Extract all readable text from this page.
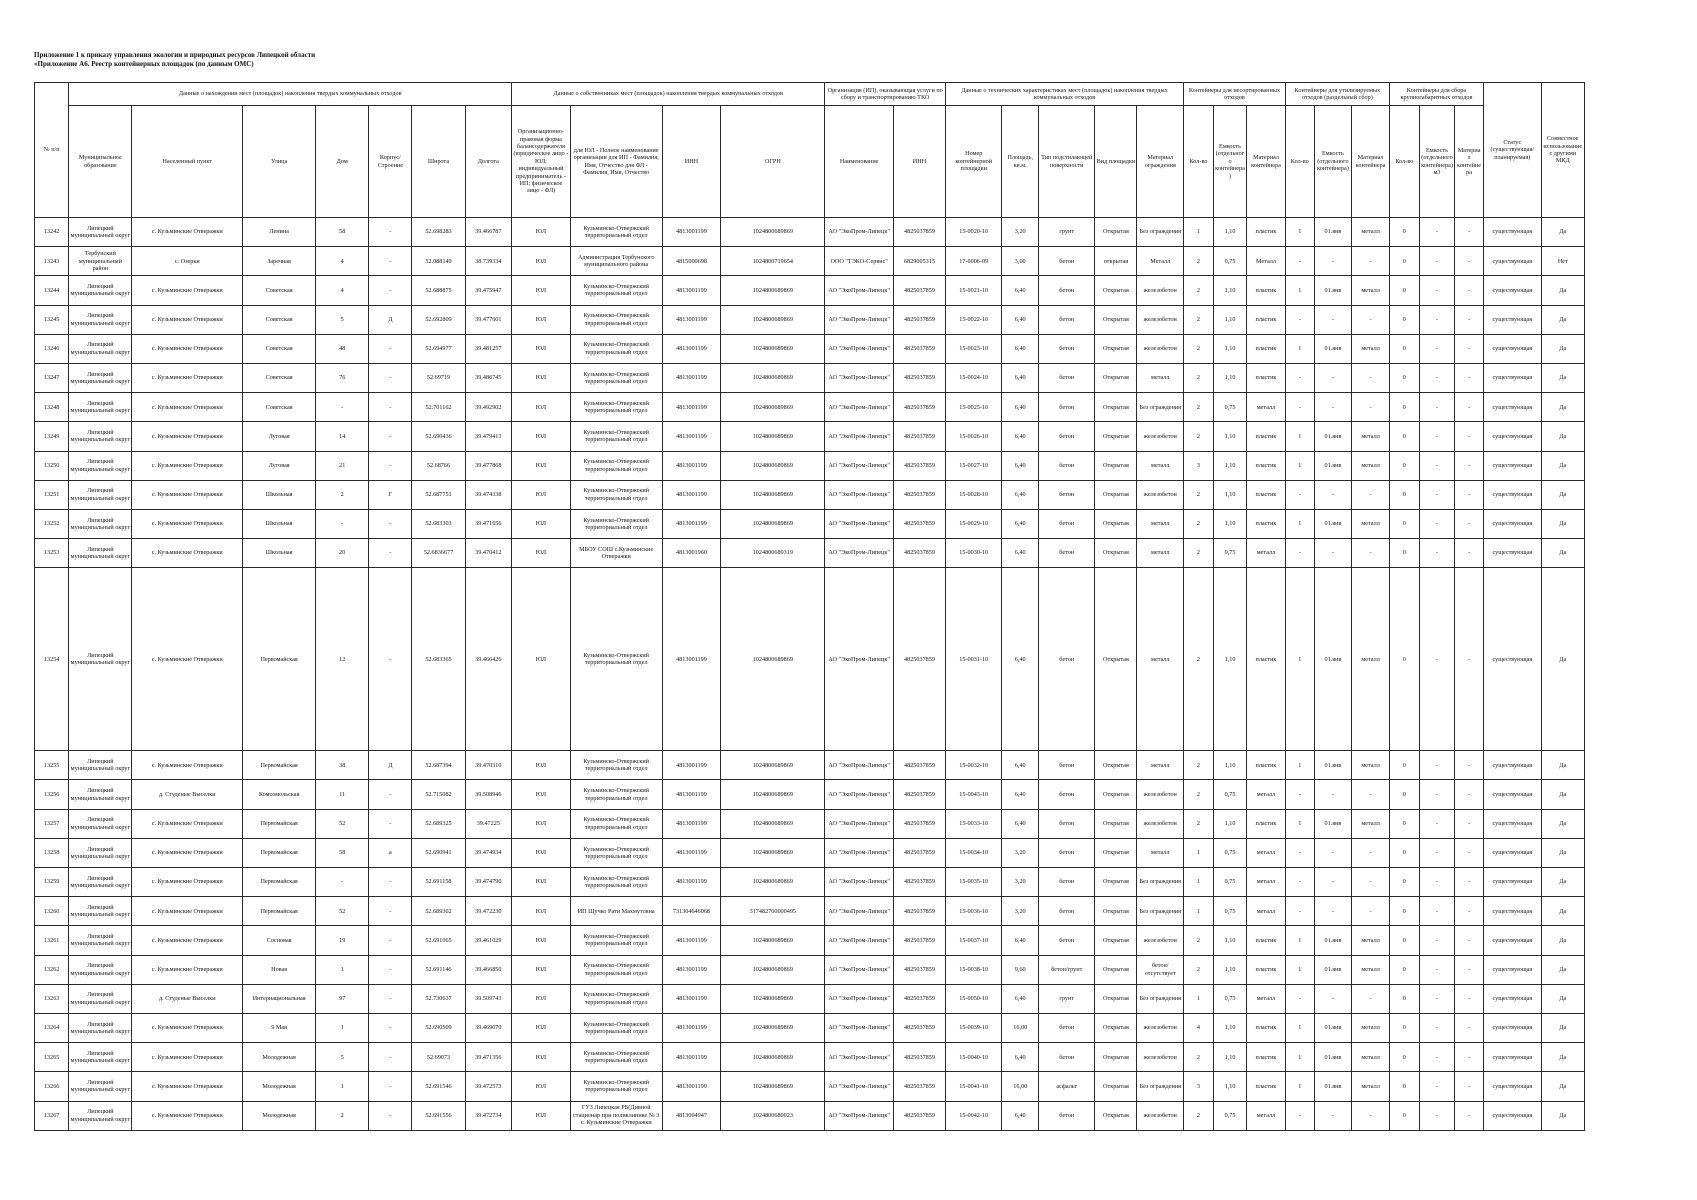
Приложение 1 к приказу управления экологии и природных ресурсов Липецкой области
«Приложение А6. Реестр контейнерных площадок (по данным ОМС)
№ п/п	Данные о нахождении мест (площадок) накопления твердых коммунальных отходов							Данные о собственниках мест (площадок) накопления твердых коммунальных отходов				Организация (ИП), оказывающая услуги по сбору и транспортированию ТКО		Данные о технических характеристиках мест (площадок) накопления твердых коммунальных отходов					Контейнеры для несортированных отходов			Контейнеры для утилизируемых отходов (раздельный сбор)			Контейнеры для сбора крупногабаритных отходов			Статус (существующая/ планируемая)	Совместное использование с другими МКД
	Муниципальное образование	Населенный пункт	Улица	Дом	Корпус/Строение	Широта	Долгота	Организационно-правовая форма балансодержателя (юридическое лицо - ЮЛ; индивидуальный предприниматель - ИП; физическое лицо - ФЛ)	для ЮЛ - Полное наименование организации для ИП - Фамилия, Имя, Отчество для ФЛ - Фамилия, Имя, Отчество	ИНН	ОГРН	Наименование	ИНН	Номер контейнерной площадки	Площадь, кв.м.	Тип подстилающей поверхности	Вид площадки	Материал ограждения	Кол-во	Емкость (отдельного контейнера)	Материал контейнера	Кол-во	Емкость (отдельного контейнера)	Материал контейнера	Кол-во	Емкость (отдельного контейнера) м3	Материал контейнера		
13242	Липецкий муниципальный округ	с. Кузьминские Отверажки	Ленина	58	-	52.698283	39.466787	ЮЛ	Кузьминско-Отвержский территориальный отдел	4813001199	1024800689869	АО "ЭкоПром-Липецк"	4825037859	15-0020-10	3,20	грунт	Открытая	Без ограждения	1	1,10	пластик	1	01.янв	металл	0	-	-	существующая	Да
13243	Тербунский муниципальный район	с. Озерки	Заречная	4	-	52.088149	38.739334	ЮЛ	Администрация Тербунского муниципального района	4815000698	1024800719654	ООО "ТЭКО-Сервис"	6829005315	17-0006-09	3,00	бетон	открытая	Металл	2	0,75	Металл	-	-	-	0	-	-	существующая	Нет
13244	Липецкий муниципальный округ	с. Кузьминские Отверажки	Советская	4	-	52.688875	39.475947	ЮЛ	Кузьминско-Отвержский территориальный отдел	4813001199	1024800689869	АО "ЭкоПром-Липецк"	4825037859	15-0021-10	6,40	бетон	Открытая	железобетон	2	1,10	пластик	1	01.янв	металл	0	-	-	существующая	Да
13245	Липецкий муниципальный округ	с. Кузьминские Отверажки	Советская	5	Д	52.692809	39.477601	ЮЛ	Кузьминско-Отвержский территориальный отдел	4813001199	1024800689869	АО "ЭкоПром-Липецк"	4825037859	15-0022-10	6,40	бетон	Открытая	железобетон	2	1,10	пластик	-	-	-	0	-	-	существующая	Да
13246	Липецкий муниципальный округ	с. Кузьминские Отверажки	Советская	48	-	52.694977	39.481257	ЮЛ	Кузьминско-Отвержский территориальный отдел	4813001199	1024800689869	АО "ЭкоПром-Липецк"	4825037859	15-0023-10	6,40	бетон	Открытая	железобетон	2	1,10	пластик	1	01.янв	металл	0	-	-	существующая	Да
13247	Липецкий муниципальный округ	с. Кузьминские Отверажки	Советская	76	-	52.69719	39.486745	ЮЛ	Кузьминско-Отвержский территориальный отдел	4813001199	1024800689869	АО "ЭкоПром-Липецк"	4825037859	15-0024-10	6,40	бетон	Открытая	металл	2	1,10	пластик	-	-	-	0	-	-	существующая	Да
13248	Липецкий муниципальный округ	с. Кузьминские Отверажки	Советская	-	-	52.701162	39.492902	ЮЛ	Кузьминско-Отвержский территориальный отдел	4813001199	1024800689869	АО "ЭкоПром-Липецк"	4825037859	15-0025-10	6,40	бетон	Открытая	Без ограждения	2	0,75	металл	-	-	-	0	-	-	существующая	Да
13249	Липецкий муниципальный округ	с. Кузьминские Отверажки	Луговая	14	-	52.690436	39.479413	ЮЛ	Кузьминско-Отвержский территориальный отдел	4813001199	1024800689869	АО "ЭкоПром-Липецк"	4825037859	15-0026-10	6,40	бетон	Открытая	железобетон	2	1,10	пластик	1	01.янв	металл	0	-	-	существующая	Да
13250	Липецкий муниципальный округ	с. Кузьминские Отверажки	Луговая	21	-	52.68766	39.477868	ЮЛ	Кузьминско-Отвержский территориальный отдел	4813001199	1024800689869	АО "ЭкоПром-Липецк"	4825037859	15-0027-10	6,40	бетон	Открытая	металл	3	1,10	пластик	1	01.янв	металл	0	-	-	существующая	Да
13251	Липецкий муниципальный округ	с. Кузьминские Отверажки	Школьная	2	Г	52.687751	39.474338	ЮЛ	Кузьминско-Отвержский территориальный отдел	4813001199	1024800689869	АО "ЭкоПром-Липецк"	4825037859	15-0028-10	6,40	бетон	Открытая	железобетон	2	1,10	пластик	-	-	-	0	-	-	существующая	Да
13252	Липецкий муниципальный округ	с. Кузьминские Отверажки	Школьная	-	-	52.683303	39.471656	ЮЛ	Кузьминско-Отвержский территориальный отдел	4813001199	1024800689869	АО "ЭкоПром-Липецк"	4825037859	15-0029-10	6,40	бетон	Открытая	металл	2	1,10	пластик	1	01.янв	металл	0	-	-	существующая	Да
13253	Липецкий муниципальный округ	с. Кузьминские Отверажки	Школьная	20	-	52.6836677	39.470412	ЮЛ	МБОУ СОШ с.Кузьминские Отверажки	4813001960	1024800689319	АО "ЭкоПром-Липецк"	4825037859	15-0030-10	6,40	бетон	Открытая	металл	2	0,75	металл	-	-	-	0	-	-	существующая	Да
13254	Липецкий муниципальный округ	с. Кузьминские Отверажки	Первомайская	12	-	52.683365	39.466426	ЮЛ	Кузьминско-Отвержский территориальный отдел	4813001199	1024800689869	АО "ЭкоПром-Липецк"	4825037859	15-0031-10	6,40	бетон	Открытая	металл	2	1,10	пластик	1	01.янв	металл	0	-	-	существующая	Да
13255	Липецкий муниципальный округ	с. Кузьминские Отверажки	Первомайская	38	Д	52.687394	39.470310	ЮЛ	Кузьминско-Отвержский территориальный отдел	4813001199	1024800689869	АО "ЭкоПром-Липецк"	4825037859	15-0032-10	6,40	бетон	Открытая	металл	2	1,10	пластик	1	01.янв	металл	0	-	-	существующая	Да
13256	Липецкий муниципальный округ	д. Студеные Выселки	Комсомольская	11	-	52.715082	39.508946	ЮЛ	Кузьминско-Отвержский территориальный отдел	4813001199	1024800689869	АО "ЭкоПром-Липецк"	4825037859	15-0043-10	6,40	бетон	Открытая	железобетон	2	0,75	металл	-	-	-	0	-	-	существующая	Да
13257	Липецкий муниципальный округ	с. Кузьминские Отверажки	Первомайская	52	-	52.689325	39.47225	ЮЛ	Кузьминско-Отвержский территориальный отдел	4813001199	1024800689869	АО "ЭкоПром-Липецк"	4825037859	15-0033-10	6,40	бетон	Открытая	железобетон	2	1,10	пластик	1	01.янв	металл	0	-	-	существующая	Да
13258	Липецкий муниципальный округ	с. Кузьминские Отверажки	Первомайская	58	а	52.690941	39.474934	ЮЛ	Кузьминско-Отвержский территориальный отдел	4813001199	1024800689869	АО "ЭкоПром-Липецк"	4825037859	15-0034-10	3,20	бетон	Открытая	металл	1	0,75	металл	-	-	-	0	-	-	существующая	Да
13259	Липецкий муниципальный округ	с. Кузьминские Отверажки	Первомайская	-	-	52.691158	39.474790	ЮЛ	Кузьминско-Отвержский территориальный отдел	4813001199	1024800689869	АО "ЭкоПром-Липецк"	4825037859	15-0035-10	3,20	бетон	Открытая	Без ограждения	1	0,75	металл	-	-	-	0	-	-	существующая	Да
13260	Липецкий муниципальный округ	с. Кузьминские Отверажки	Первомайская	52	-	52.689302	39.472230	ЮЛ	ИП Щучко Рати Махмутовна	731304646068	317482700000495	АО "ЭкоПром-Липецк"	4825037859	15-0036-10	3,20	бетон	Открытая	Без ограждения	1	0,75	металл	-	-	-	0	-	-	существующая	Да
13261	Липецкий муниципальный округ	с. Кузьминские Отверажки	Сосновая	19	-	52.691065	39.461029	ЮЛ	Кузьминско-Отвержский территориальный отдел	4813001199	1024800689869	АО "ЭкоПром-Липецк"	4825037859	15-0037-10	6,40	бетон	Открытая	железобетон	2	1,10	пластик	1	01.янв	металл	0	-	-	существующая	Да
13262	Липецкий муниципальный округ	с. Кузьминские Отверажки	Новая	1	-	52.691146	39.466850	ЮЛ	Кузьминско-Отвержский территориальный отдел	4813001199	1024800689869	АО "ЭкоПром-Липецк"	4825037859	15-0038-10	9,60	бетон/грунт	Открытая	бетон/отсутствует	2	1,10	пластик	1	01.янв	металл	0	-	-	существующая	Да
13263	Липецкий муниципальный округ	д. Студеные Выселки	Интернациональная	97	-	52.730637	39.509743	ЮЛ	Кузьминско-Отвержский территориальный отдел	4813001199	1024800689869	АО "ЭкоПром-Липецк"	4825037859	15-0050-10	6,40	грунт	Открытая	Без ограждения	1	0,75	металл	-	-	-	0	-	-	существующая	Да
13264	Липецкий муниципальный округ	с. Кузьминские Отверажки	9 Мая	1	-	52.690509	39.469070	ЮЛ	Кузьминско-Отвержский территориальный отдел	4813001199	1024800689869	АО "ЭкоПром-Липецк"	4825037859	15-0039-10	16,00	бетон	Открытая	железобетон	4	1,10	пластик	1	01.янв	металл	0	-	-	существующая	Да
13265	Липецкий муниципальный округ	с. Кузьминские Отверажки	Молодежная	5	-	52.69073	39.471356	ЮЛ	Кузьминско-Отвержский территориальный отдел	4813001199	1024800689869	АО "ЭкоПром-Липецк"	4825037859	15-0040-10	6,40	бетон	Открытая	железобетон	2	1,10	пластик	1	01.янв	металл	0	-	-	существующая	Да
13266	Липецкий муниципальный округ	с. Кузьминские Отверажки	Молодежная	1	-	52.691546	39.472573	ЮЛ	Кузьминско-Отвержский территориальный отдел	4813001199	1024800689869	АО "ЭкоПром-Липецк"	4825037859	15-0041-10	16,00	асфальт	Открытая	Без ограждения	3	1,10	пластик	1	01.янв	металл	0	-	-	существующая	Да
13267	Липецкий муниципальный округ	с. Кузьминские Отверажки	Молодежная	2	-	52.691556	39.472734	ЮЛ	ГУЗ Липецкая РБ(Дивной стационар при поликлинике № 3 с. Кузьминские Отверажки	4813004947	1024800680023	АО "ЭкоПром-Липецк"	4825037859	15-0042-10	6,40	бетон	Открытая	железобетон	2	0,75	металл	-	-	-	0	-	-	существующая	Да
